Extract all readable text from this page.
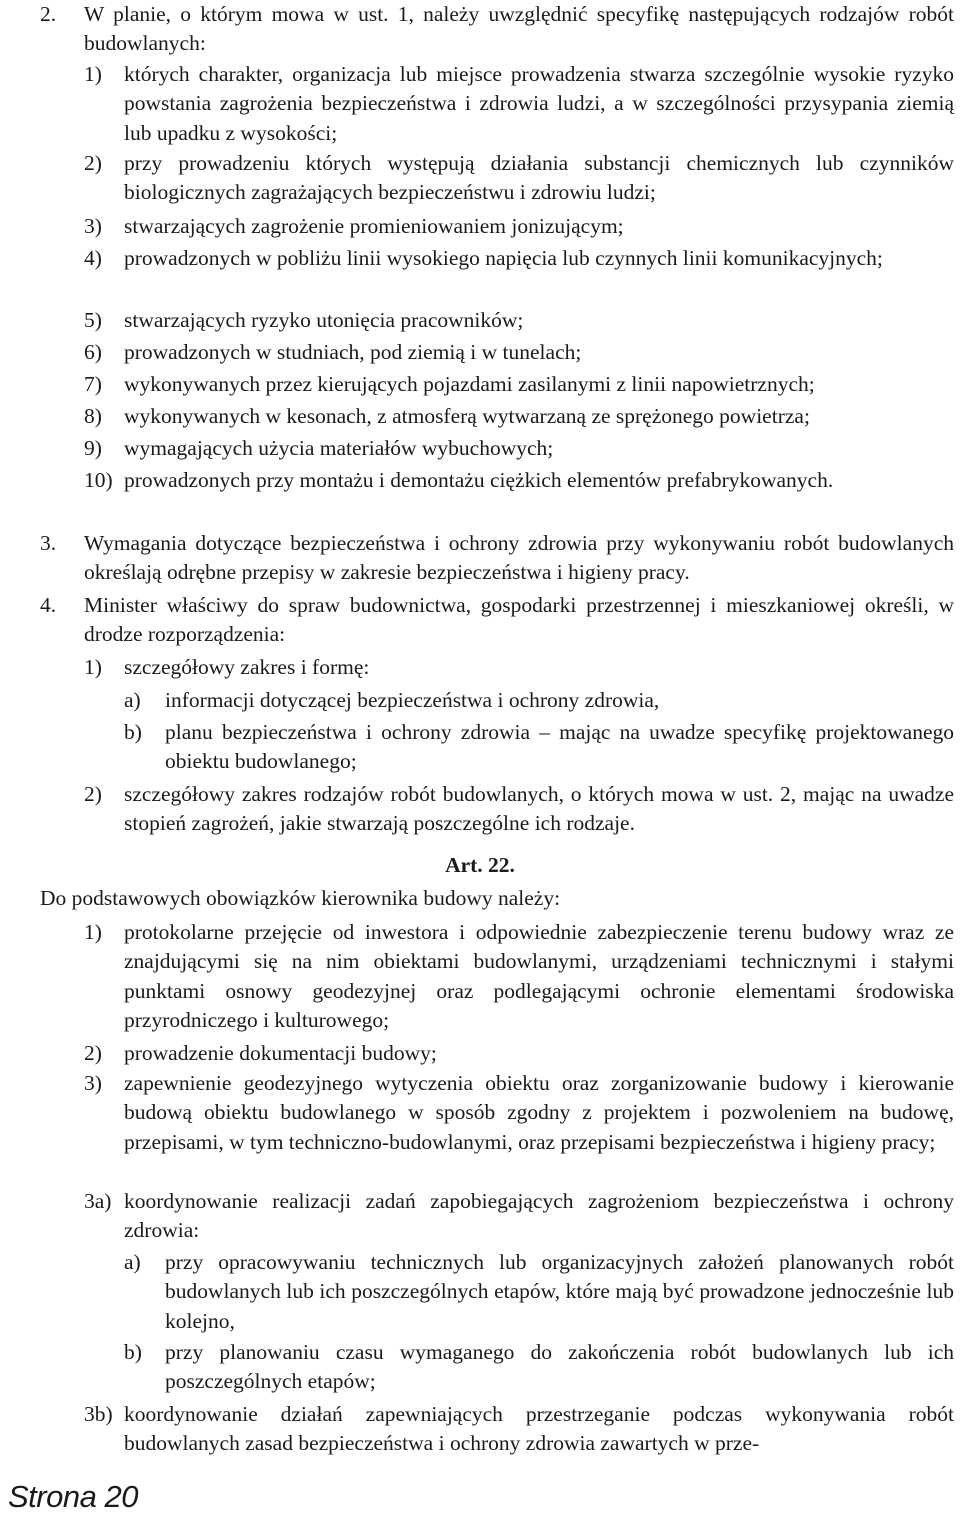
2. W planie, o którym mowa w ust. 1, należy uwzględnić specyfikę następujących rodzajów robót budowlanych:

1) których charakter, organizacja lub miejsce prowadzenia stwarza szczególnie wysokie ryzyko powstania zagrożenia bezpieczeństwa i zdrowia ludzi, a w szczególności przysypania ziemią lub upadku z wysokości;

2) przy prowadzeniu których występują działania substancji chemicznych lub czynników biologicznych zagrażających bezpieczeństwu i zdrowiu ludzi;

3) stwarzających zagrożenie promieniowaniem jonizującym;

4) prowadzonych w pobliżu linii wysokiego napięcia lub czynnych linii komunikacyjnych;

5) stwarzających ryzyko utonięcia pracowników;

6) prowadzonych w studniach, pod ziemią i w tunelach;

7) wykonywanych przez kierujących pojazdami zasilanymi z linii napowietrznych;

8) wykonywanych w kesonach, z atmosferą wytwarzaną ze sprężonego powietrza;

9) wymagających użycia materiałów wybuchowych;

10) prowadzonych przy montażu i demontażu ciężkich elementów prefabrykowanych.

3. Wymagania dotyczące bezpieczeństwa i ochrony zdrowia przy wykonywaniu robót budowlanych określają odrębne przepisy w zakresie bezpieczeństwa i higieny pracy.

4. Minister właściwy do spraw budownictwa, gospodarki przestrzennej i mieszkaniowej określi, w drodze rozporządzenia:

1) szczegółowy zakres i formę:

a) informacji dotyczącej bezpieczeństwa i ochrony zdrowia,

b) planu bezpieczeństwa i ochrony zdrowia – mając na uwadze specyfikę projektowanego obiektu budowlanego;

2) szczegółowy zakres rodzajów robót budowlanych, o których mowa w ust. 2, mając na uwadze stopień zagrożeń, jakie stwarzają poszczególne ich rodzaje.

Art. 22.

Do podstawowych obowiązków kierownika budowy należy:

1) protokolarne przejęcie od inwestora i odpowiednie zabezpieczenie terenu budowy wraz ze znajdującymi się na nim obiektami budowlanymi, urządzeniami technicznymi i stałymi punktami osnowy geodezyjnej oraz podlegającymi ochronie elementami środowiska przyrodniczego i kulturowego;

2) prowadzenie dokumentacji budowy;

3) zapewnienie geodezyjnego wytyczenia obiektu oraz zorganizowanie budowy i kierowanie budową obiektu budowlanego w sposób zgodny z projektem i pozwoleniem na budowę, przepisami, w tym techniczno-budowlanymi, oraz przepisami bezpieczeństwa i higieny pracy;

3a) koordynowanie realizacji zadań zapobiegających zagrożeniom bezpieczeństwa i ochrony zdrowia:

a) przy opracowywaniu technicznych lub organizacyjnych założeń planowanych robót budowlanych lub ich poszczególnych etapów, które mają być prowadzone jednocześnie lub kolejno,

b) przy planowaniu czasu wymaganego do zakończenia robót budowlanych lub ich poszczególnych etapów;

3b) koordynowanie działań zapewniających przestrzeganie podczas wykonywania robót budowlanych zasad bezpieczeństwa i ochrony zdrowia zawartych w prze-

Strona 20
